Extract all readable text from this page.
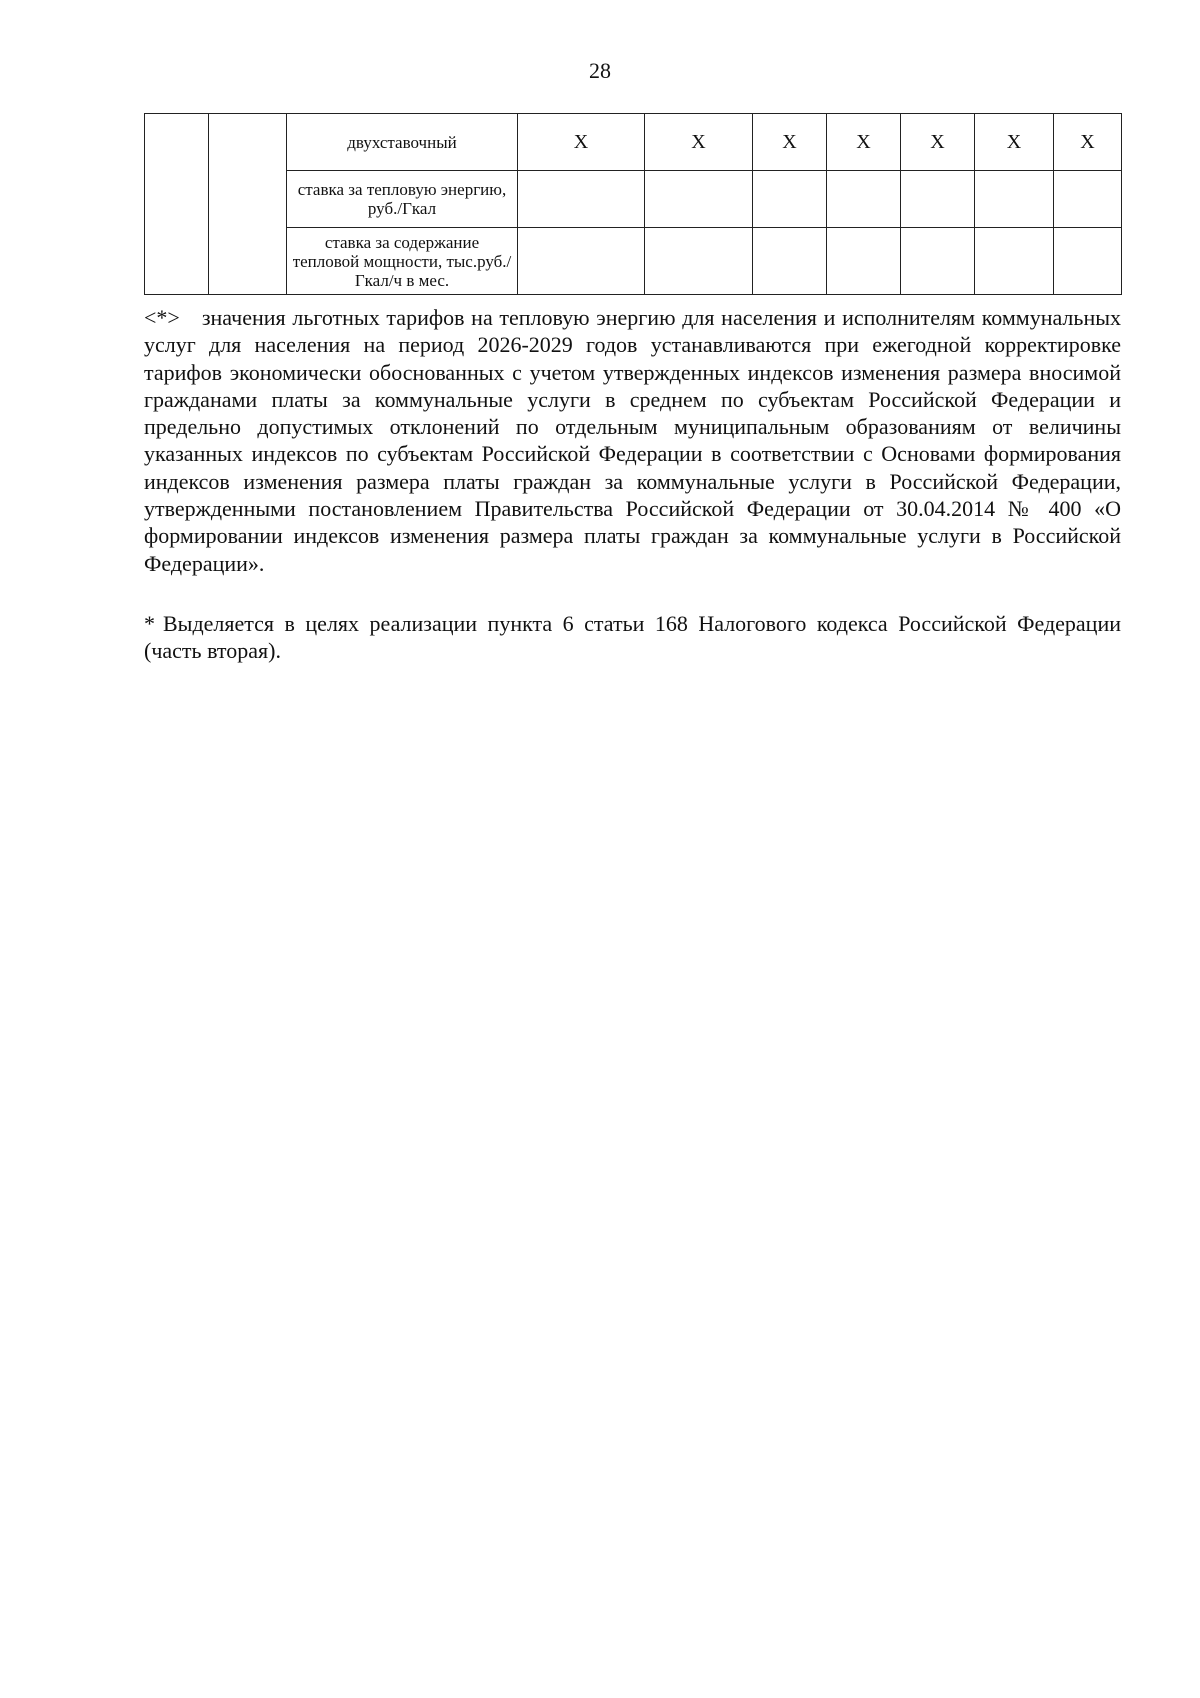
28
		двухставочный	Х	Х	Х	Х	Х	Х	Х
		ставка за тепловую энергию, руб./Гкал							
		ставка за содержание тепловой мощности, тыс.руб./Гкал/ч в мес.							

<*> значения льготных тарифов на тепловую энергию для населения и исполнителям коммунальных услуг для населения на период 2026-2029 годов устанавливаются при ежегодной корректировке тарифов экономически обоснованных с учетом утвержденных индексов изменения размера вносимой гражданами платы за коммунальные услуги в среднем по субъектам Российской Федерации и предельно допустимых отклонений по отдельным муниципальным образованиям от величины указанных индексов по субъектам Российской Федерации в соответствии с Основами формирования индексов изменения размера платы граждан за коммунальные услуги в Российской Федерации, утвержденными постановлением Правительства Российской Федерации от 30.04.2014 № 400 «О формировании индексов изменения размера платы граждан за коммунальные услуги в Российской Федерации».

* Выделяется в целях реализации пункта 6 статьи 168 Налогового кодекса Российской Федерации (часть вторая).
